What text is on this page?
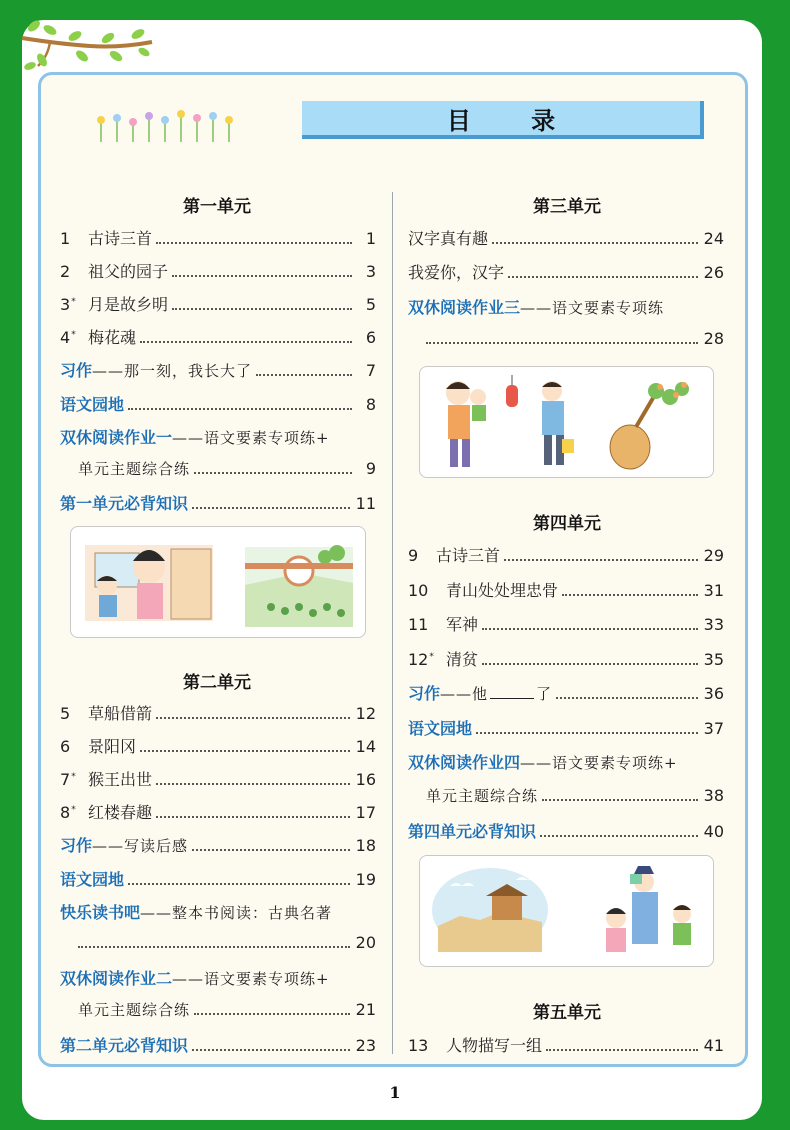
目 录
第一单元
1	古诗三首	1
2	祖父的园子	3
3* 月是故乡明	5
4* 梅花魂	6
习作 ——那一刻，我长大了	7
语文园地	8
双休阅读作业一 ——语文要素专项练+
单元主题综合练	9
第一单元必背知识	11
第二单元
5	草船借箭	12
6	景阳冈	14
7* 猴王出世	16
8* 红楼春趣	17
习作 ——写读后感	18
语文园地	19
快乐读书吧 ——整本书阅读：古典名著
20
双休阅读作业二 ——语文要素专项练+
单元主题综合练	21
第二单元必背知识	23
第三单元
汉字真有趣	24
我爱你，汉字	26
双休阅读作业三 ——语文要素专项练
28
第四单元
9	古诗三首	29
10	青山处处埋忠骨	31
11	军神	33
12* 清贫	35
习作 ——他	了	36
语文园地	37
双休阅读作业四 ——语文要素专项练+
单元主题综合练	38
第四单元必背知识	40
第五单元
13	人物描写一组	41
1
